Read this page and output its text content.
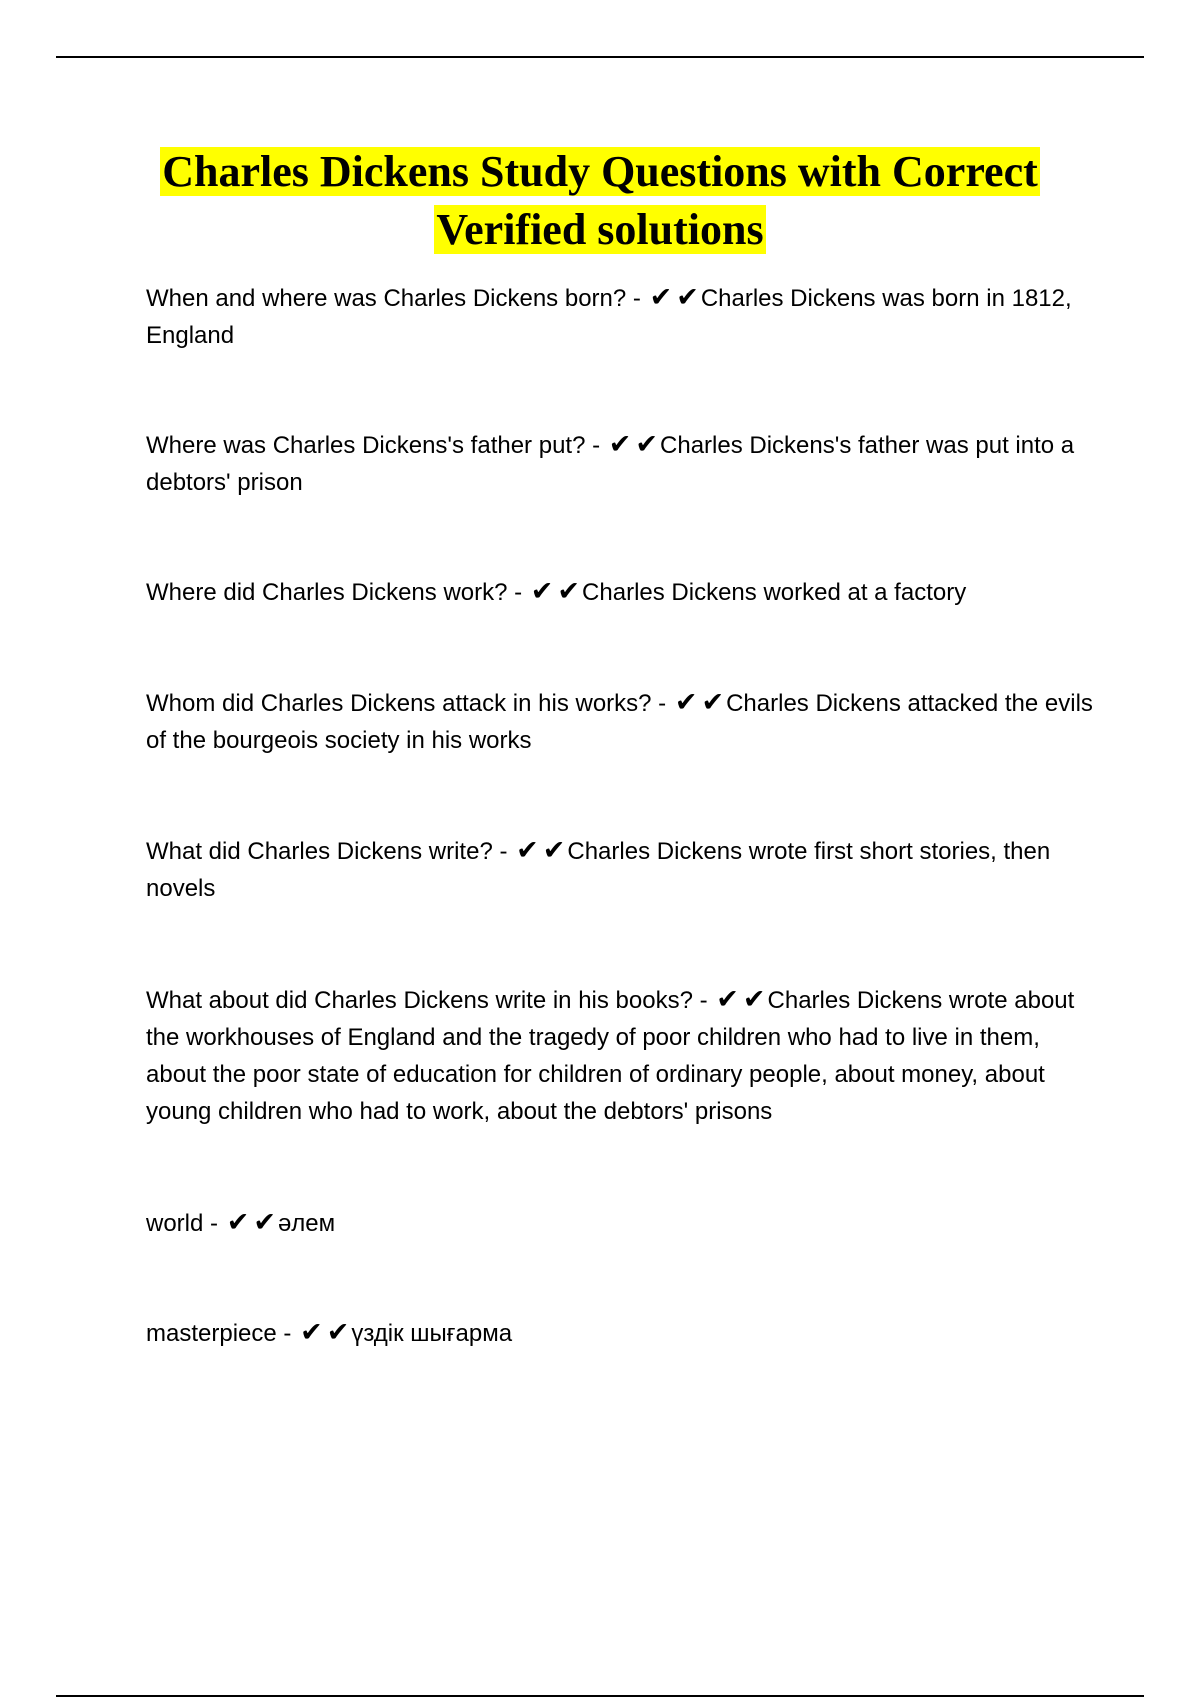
Charles Dickens Study Questions with Correct Verified solutions

When and where was Charles Dickens born? - ✔ ✔Charles Dickens was born in 1812, England

Where was Charles Dickens's father put? - ✔ ✔Charles Dickens's father was put into a debtors' prison

Where did Charles Dickens work? - ✔ ✔Charles Dickens worked at a factory

Whom did Charles Dickens attack in his works? - ✔ ✔Charles Dickens attacked the evils of the bourgeois society in his works

What did Charles Dickens write? - ✔ ✔Charles Dickens wrote first short stories, then novels

What about did Charles Dickens write in his books? - ✔ ✔Charles Dickens wrote about the workhouses of England and the tragedy of poor children who had to live in them, about the poor state of education for children of ordinary people, about money, about young children who had to work, about the debtors' prisons

world - ✔ ✔әлем

masterpiece - ✔ ✔үздік шығарма
